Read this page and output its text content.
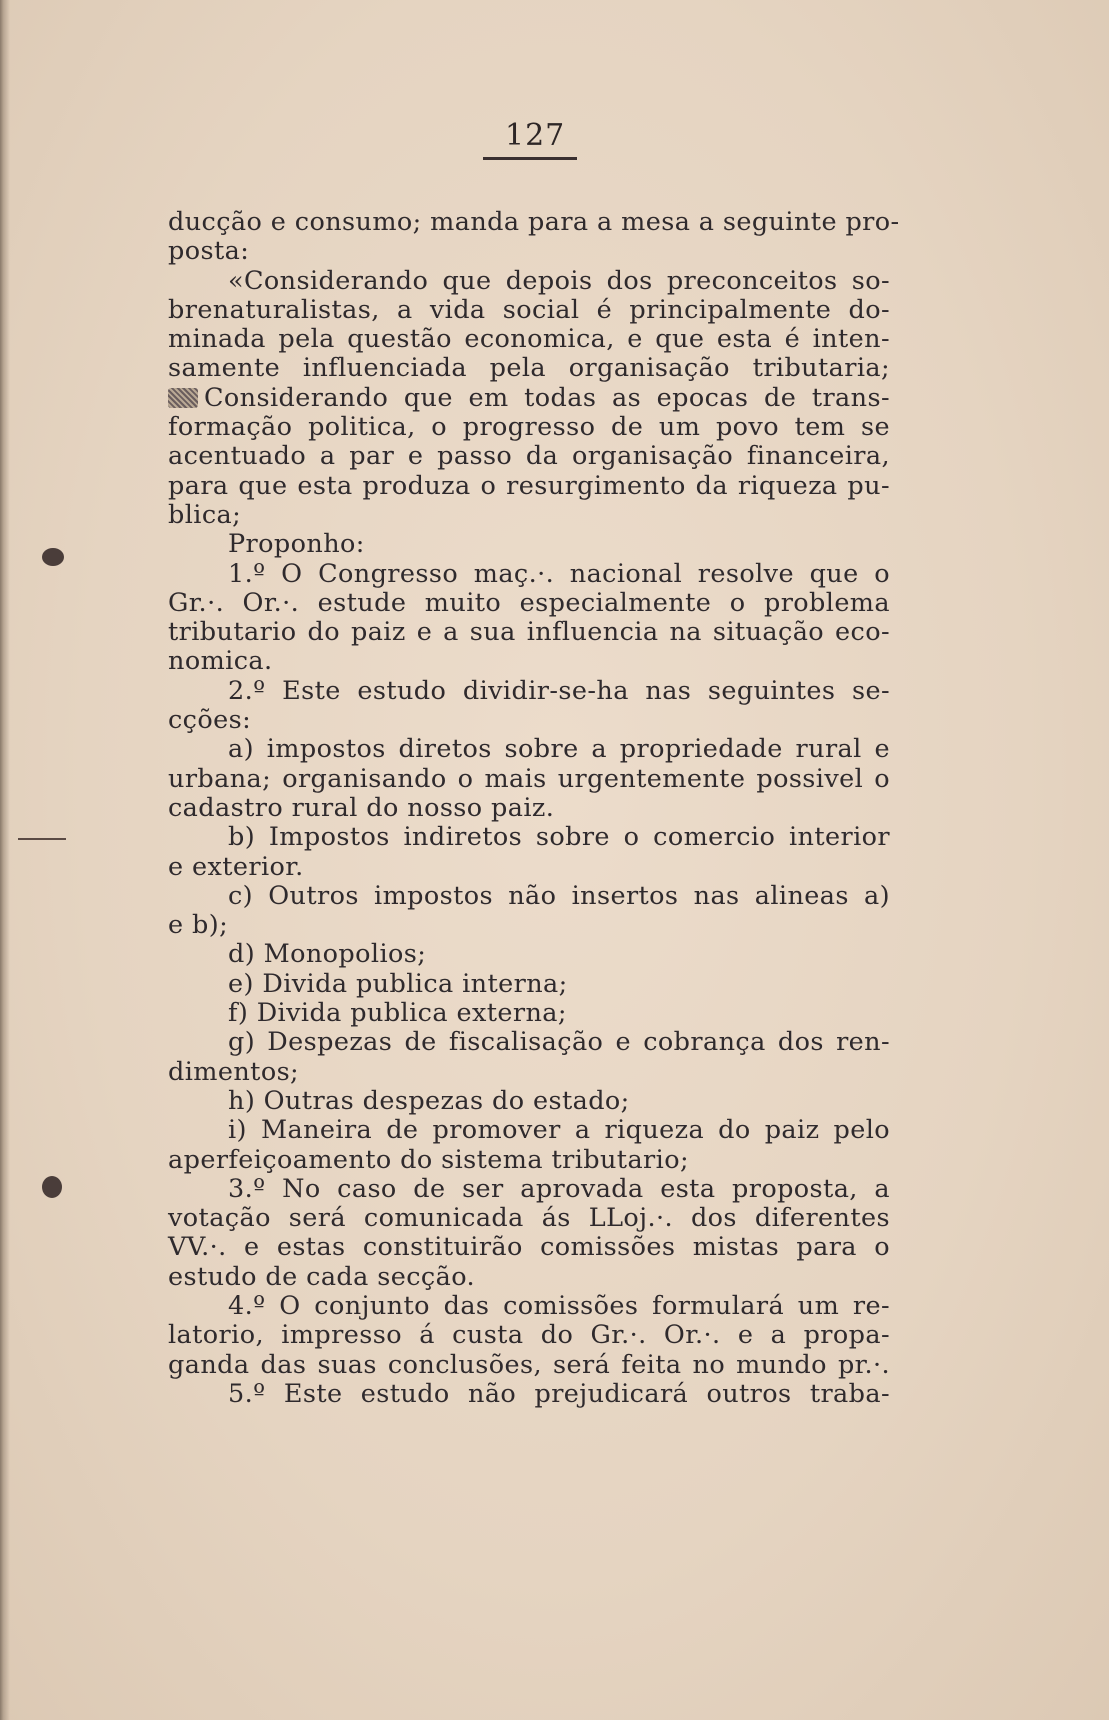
127
ducção e consumo; manda para a mesa a seguinte pro-
posta:
«Considerando que depois dos preconceitos so-
brenaturalistas, a vida social é principalmente do-
minada pela questão economica, e que esta é inten-
samente influenciada pela organisação tributaria;
Considerando que em todas as epocas de trans-
formação politica, o progresso de um povo tem se
acentuado a par e passo da organisação financeira,
para que esta produza o resurgimento da riqueza pu-
blica;
Proponho:
1.º O Congresso maç.·. nacional resolve que o
Gr.·. Or.·. estude muito especialmente o problema
tributario do paiz e a sua influencia na situação eco-
nomica.
2.º Este estudo dividir-se-ha nas seguintes se-
cções:
a) impostos diretos sobre a propriedade rural e
urbana; organisando o mais urgentemente possivel o
cadastro rural do nosso paiz.
b) Impostos indiretos sobre o comercio interior
e exterior.
c) Outros impostos não insertos nas alineas a)
e b);
d) Monopolios;
e) Divida publica interna;
f) Divida publica externa;
g) Despezas de fiscalisação e cobrança dos ren-
dimentos;
h) Outras despezas do estado;
i) Maneira de promover a riqueza do paiz pelo
aperfeiçoamento do sistema tributario;
3.º No caso de ser aprovada esta proposta, a
votação será comunicada ás LLoj.·. dos diferentes
VV.·. e estas constituirão comissões mistas para o
estudo de cada secção.
4.º O conjunto das comissões formulará um re-
latorio, impresso á custa do Gr.·. Or.·. e a propa-
ganda das suas conclusões, será feita no mundo pr.·.
5.º Este estudo não prejudicará outros traba-
